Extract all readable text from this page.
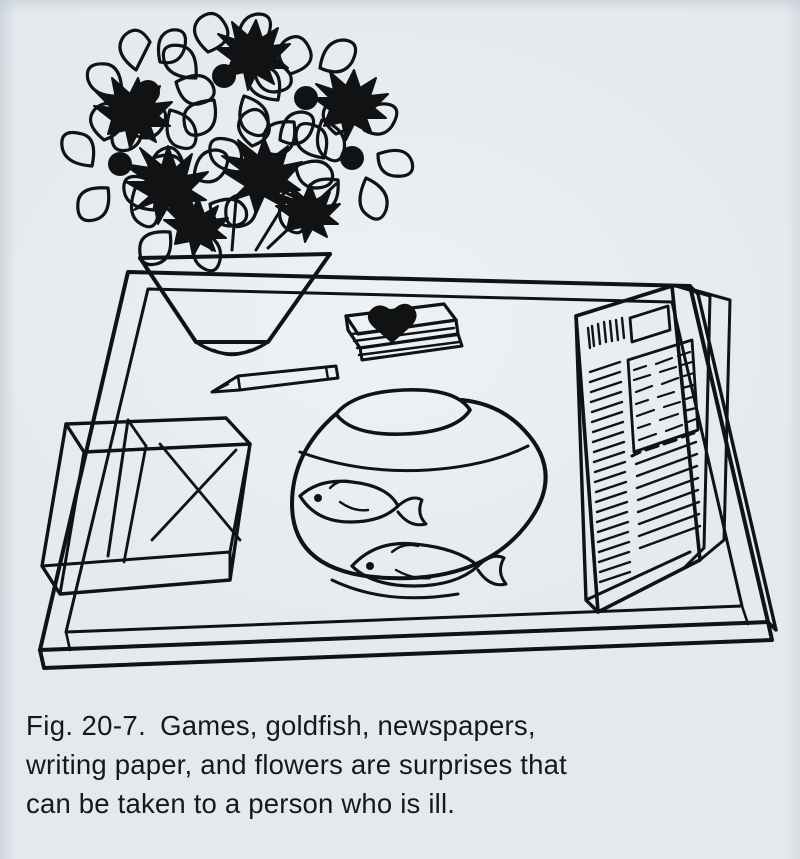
Fig. 20-7. Games, goldfish, newspapers,
writing paper, and flowers are surprises that
can be taken to a person who is ill.
